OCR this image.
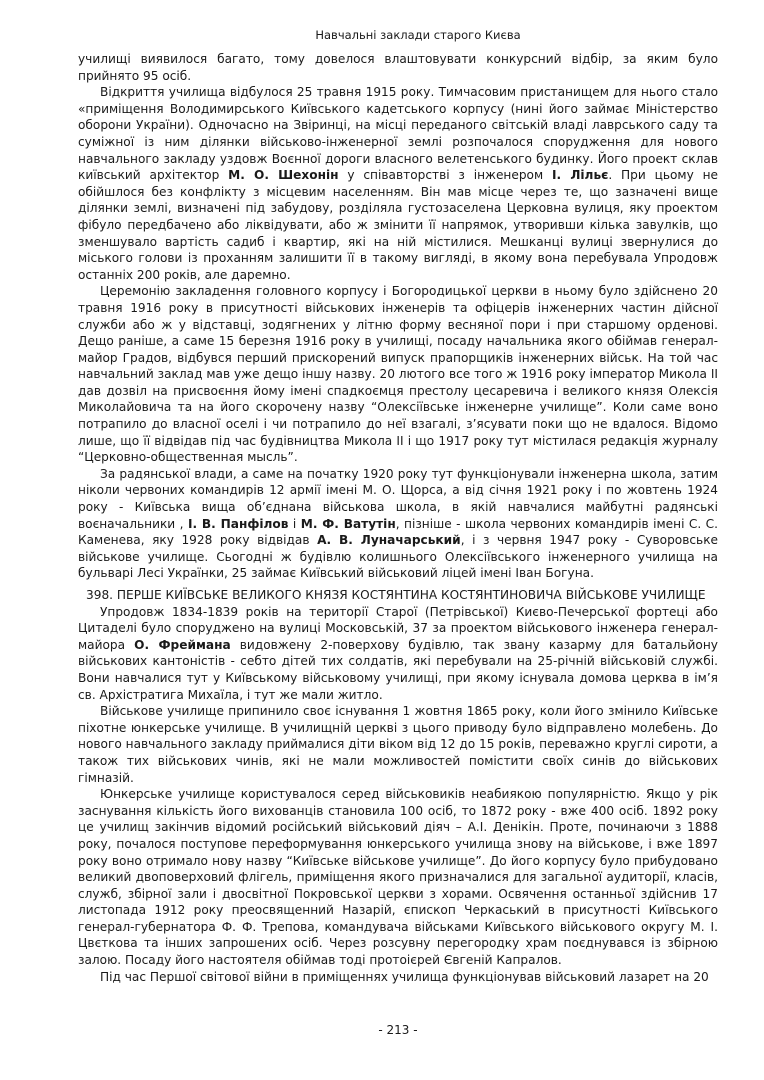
Навчальні заклади старого Києва

училищі виявилося багато, тому довелося влаштовувати конкурсний відбір, за яким було прийнято 95 осіб.

Відкриття училища відбулося 25 травня 1915 року. Тимчасовим пристанищем для нього стало «приміщення Володимирського Київського кадетського корпусу (нині його займає Міністерство оборони України). Одночасно на Звіринці, на місці переданого світській владі лаврського саду та суміжної із ним ділянки військово-інженерної землі розпочалося спорудження для нового навчального закладу уздовж Воєнної дороги власного велетенського будинку. Його проект склав київський архітектор М. О. Шехонін у співавторстві з інженером І. Лільє. При цьому не обійшлося без конфлікту з місцевим населенням. Він мав місце через те, що зазначені вище ділянки землі, визначені під забудову, розділяла густозаселена Церковна вулиця, яку проектом фібуло передбачено або ліквідувати, або ж змінити її напрямок, утворивши кілька завулків, що зменшувало вартість садиб і квартир, які на ній містилися. Мешканці вулиці звернулися до міського голови із проханням залишити її в такому вигляді, в якому вона перебувала Упродовж останніх 200 років, але даремно.

Церемонію закладення головного корпусу і Богородицької церкви в ньому було здійснено 20 травня 1916 року в присутності військових інженерів та офіцерів інженерних частин дійсної служби або ж у відставці, зодягнених у літню форму весняної пори і при старшому орденові. Дещо раніше, а саме 15 березня 1916 року в училищі, посаду начальника якого обіймав генерал-майор Градов, відбувся перший прискорений випуск прапорщиків інженерних військ. На той час навчальний заклад мав уже дещо іншу назву. 20 лютого все того ж 1916 року імператор Микола II дав дозвіл на присвоєння йому імені спадкоємця престолу цесаревича і великого князя Олексія Миколайовича та на його скорочену назву “Олексіївське інженерне училище”. Коли саме воно потрапило до власної оселі і чи потрапило до неї взагалі, з’ясувати поки що не вдалося. Відомо лише, що її відвідав під час будівництва Микола II і що 1917 року тут містилася редакція журналу “Церковно-общественная мысль”.

За радянської влади, а саме на початку 1920 року тут функціонували інженерна школа, затим ніколи червоних командирів 12 армії імені М. О. Щорса, а від січня 1921 року і по жовтень 1924 року - Київська вища об’єднана військова школа, в якій навчалися майбутні радянські воєначальники , І. В. Панфілов і М. Ф. Ватутін, пізніше - школа червоних командирів імені С. С. Каменева, яку 1928 року відвідав А. В. Луначарський, і з червня 1947 року - Суворовське військове училище. Сьогодні ж будівлю колишнього Олексіївського інженерного училища на бульварі Лесі Українки, 25 займає Київський військовий ліцей імені Іван Богуна.

398. ПЕРШЕ КИЇВСЬКЕ ВЕЛИКОГО КНЯЗЯ КОСТЯНТИНА КОСТЯНТИНОВИЧА ВІЙСЬКОВЕ УЧИЛИЩЕ

Упродовж 1834-1839 років на території Старої (Петрівської) Києво-Печерської фортеці або Цитаделі було споруджено на вулиці Московській, 37 за проектом військового інженера генерал-майора О. Фреймана видовжену 2-поверхову будівлю, так звану казарму для батальйону військових кантоністів - себто дітей тих солдатів, які перебували на 25-річній військовій службі. Вони навчалися тут у Київському військовому училищі, при якому існувала домова церква в ім’я св. Архістратига Михаїла, і тут же мали житло.

Військове училище припинило своє існування 1 жовтня 1865 року, коли його змінило Київське піхотне юнкерське училище. В училищній церкві з цього приводу було відправлено молебень. До нового навчального закладу приймалися діти віком від 12 до 15 років, переважно круглі сироти, а також тих військових чинів, які не мали можливостей помістити своїх синів до військових гімназій.

Юнкерське училище користувалося серед військовиків неабиякою популярністю. Якщо у рік заснування кількість його вихованців становила 100 осіб, то 1872 року - вже 400 осіб. 1892 року це училищ закінчив відомий російський військовий діяч – А.І. Денікін. Проте, починаючи з 1888 року, почалося поступове переформування юнкерського училища знову на військове, і вже 1897 року воно отримало нову назву “Київське військове училище”. До його корпусу було прибудовано великий двоповерховий флігель, приміщення якого призначалися для загальної аудиторії, класів, служб, збірної зали і двосвітної Покровської церкви з хорами. Освячення останньої здійснив 17 листопада 1912 року преосвященний Назарій, єпископ Черкаський в присутності Київського генерал-губернатора Ф. Ф. Трепова, командувача військами Київського військового округу М. І. Цвєткова та інших запрошених осіб. Через розсувну перегородку храм поєднувався із збірною залою. Посаду його настоятеля обіймав тоді протоієрей Євгеній Капралов.

Під час Першої світової війни в приміщеннях училища функціонував військовий лазарет на 20

- 213 -
